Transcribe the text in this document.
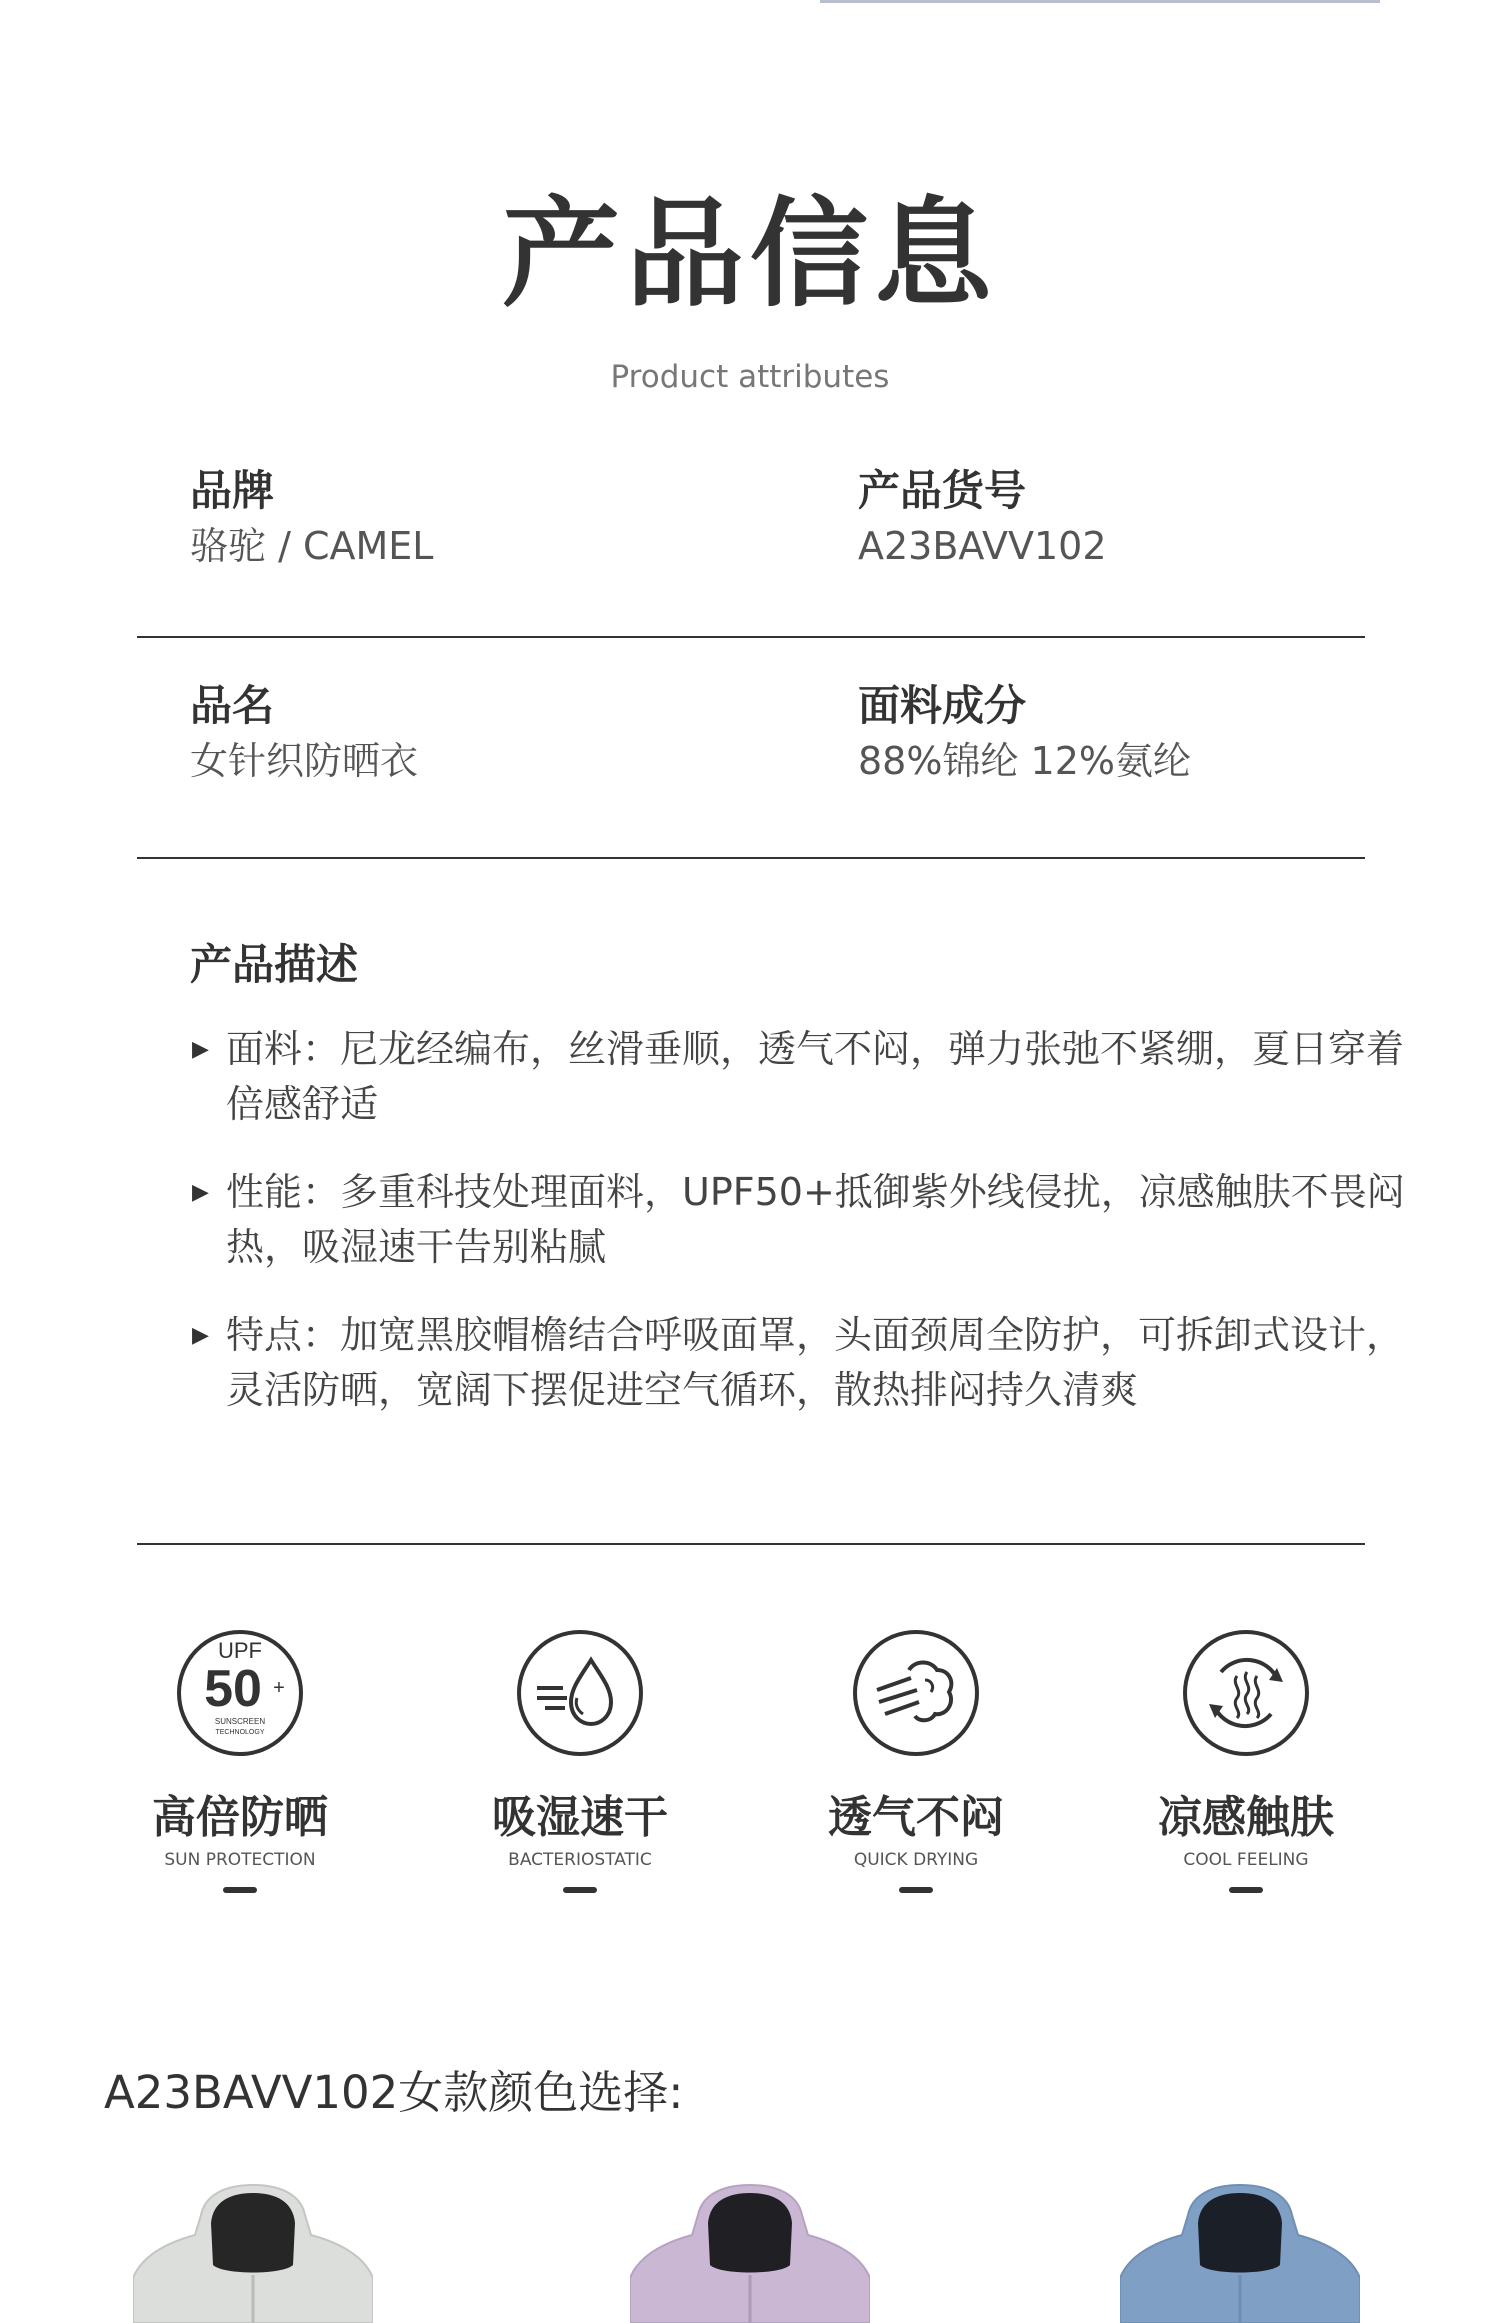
产品信息
Product attributes
品牌
骆驼 / CAMEL
产品货号
A23BAVV102
品名
女针织防晒衣
面料成分
88%锦纶 12%氨纶
产品描述
▶ 面料：尼龙经编布，丝滑垂顺，透气不闷，弹力张弛不紧绷，夏日穿着倍感舒适
▶ 性能：多重科技处理面料，UPF50+抵御紫外线侵扰，凉感触肤不畏闷热，吸湿速干告别粘腻
▶ 特点：加宽黑胶帽檐结合呼吸面罩，头面颈周全防护，可拆卸式设计，灵活防晒，宽阔下摆促进空气循环，散热排闷持久清爽
UPF
50 +
SUNSCREEN
TECHNOLOGY
高倍防晒
SUN PROTECTION
吸湿速干
BACTERIOSTATIC
透气不闷
QUICK DRYING
凉感触肤
COOL FEELING
A23BAVV102女款颜色选择:
